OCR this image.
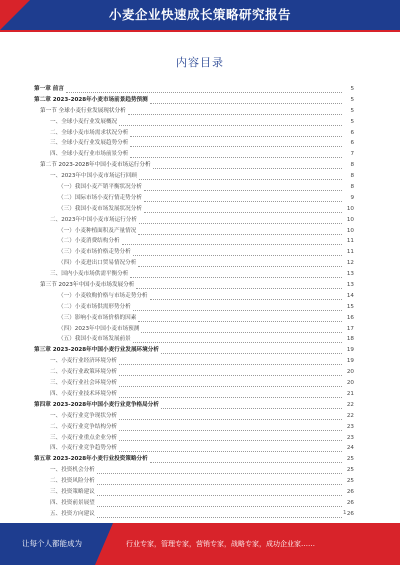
小麦企业快速成长策略研究报告
内容目录
第一章 前言	5
第二章 2023-2028年小麦市场前景趋势预测	5
第一节 全球小麦行业发展现状分析	5
一、全球小麦行业发展概况	5
二、全球小麦市场需求状况分析	6
三、全球小麦行业发展趋势分析	6
四、全球小麦行业市场前景分析	7
第二节 2023-2028年中国小麦市场运行分析	8
一、2023年中国小麦市场运行回顾	8
（一）我国小麦产销平衡状况分析	8
（二）国际市场小麦行情走势分析	9
（三）我国小麦市场发展状况分析	10
二、2023年中国小麦市场运行分析	10
（一）小麦种植面积及产量情况	10
（二）小麦消费结构分析	11
（三）小麦市场价格走势分析	11
（四）小麦进出口贸易情况分析	12
三、国内小麦市场供需平衡分析	13
第三节 2023年中国小麦市场发展分析	13
（一）小麦收购价格与市场走势分析	14
（二）小麦市场供需形势分析	15
（三）影响小麦市场价格的因素	16
（四）2023年中国小麦市场预测	17
（五）我国小麦市场发展前景	18
第三章 2023-2028年中国小麦行业发展环境分析	19
一、小麦行业经济环境分析	19
二、小麦行业政策环境分析	20
三、小麦行业社会环境分析	20
四、小麦行业技术环境分析	21
第四章 2023-2028年中国小麦行业竞争格局分析	22
一、小麦行业竞争现状分析	22
二、小麦行业竞争结构分析	23
三、小麦行业重点企业分析	23
四、小麦行业竞争趋势分析	24
第五章 2023-2028年小麦行业投资策略分析	25
一、投资机会分析	25
二、投资风险分析	25
三、投资策略建议	26
四、投资前景展望	26
五、投资方向建议	26
1
让每个人都能成为	行业专家，管理专家，营销专家，战略专家，成功企业家……
